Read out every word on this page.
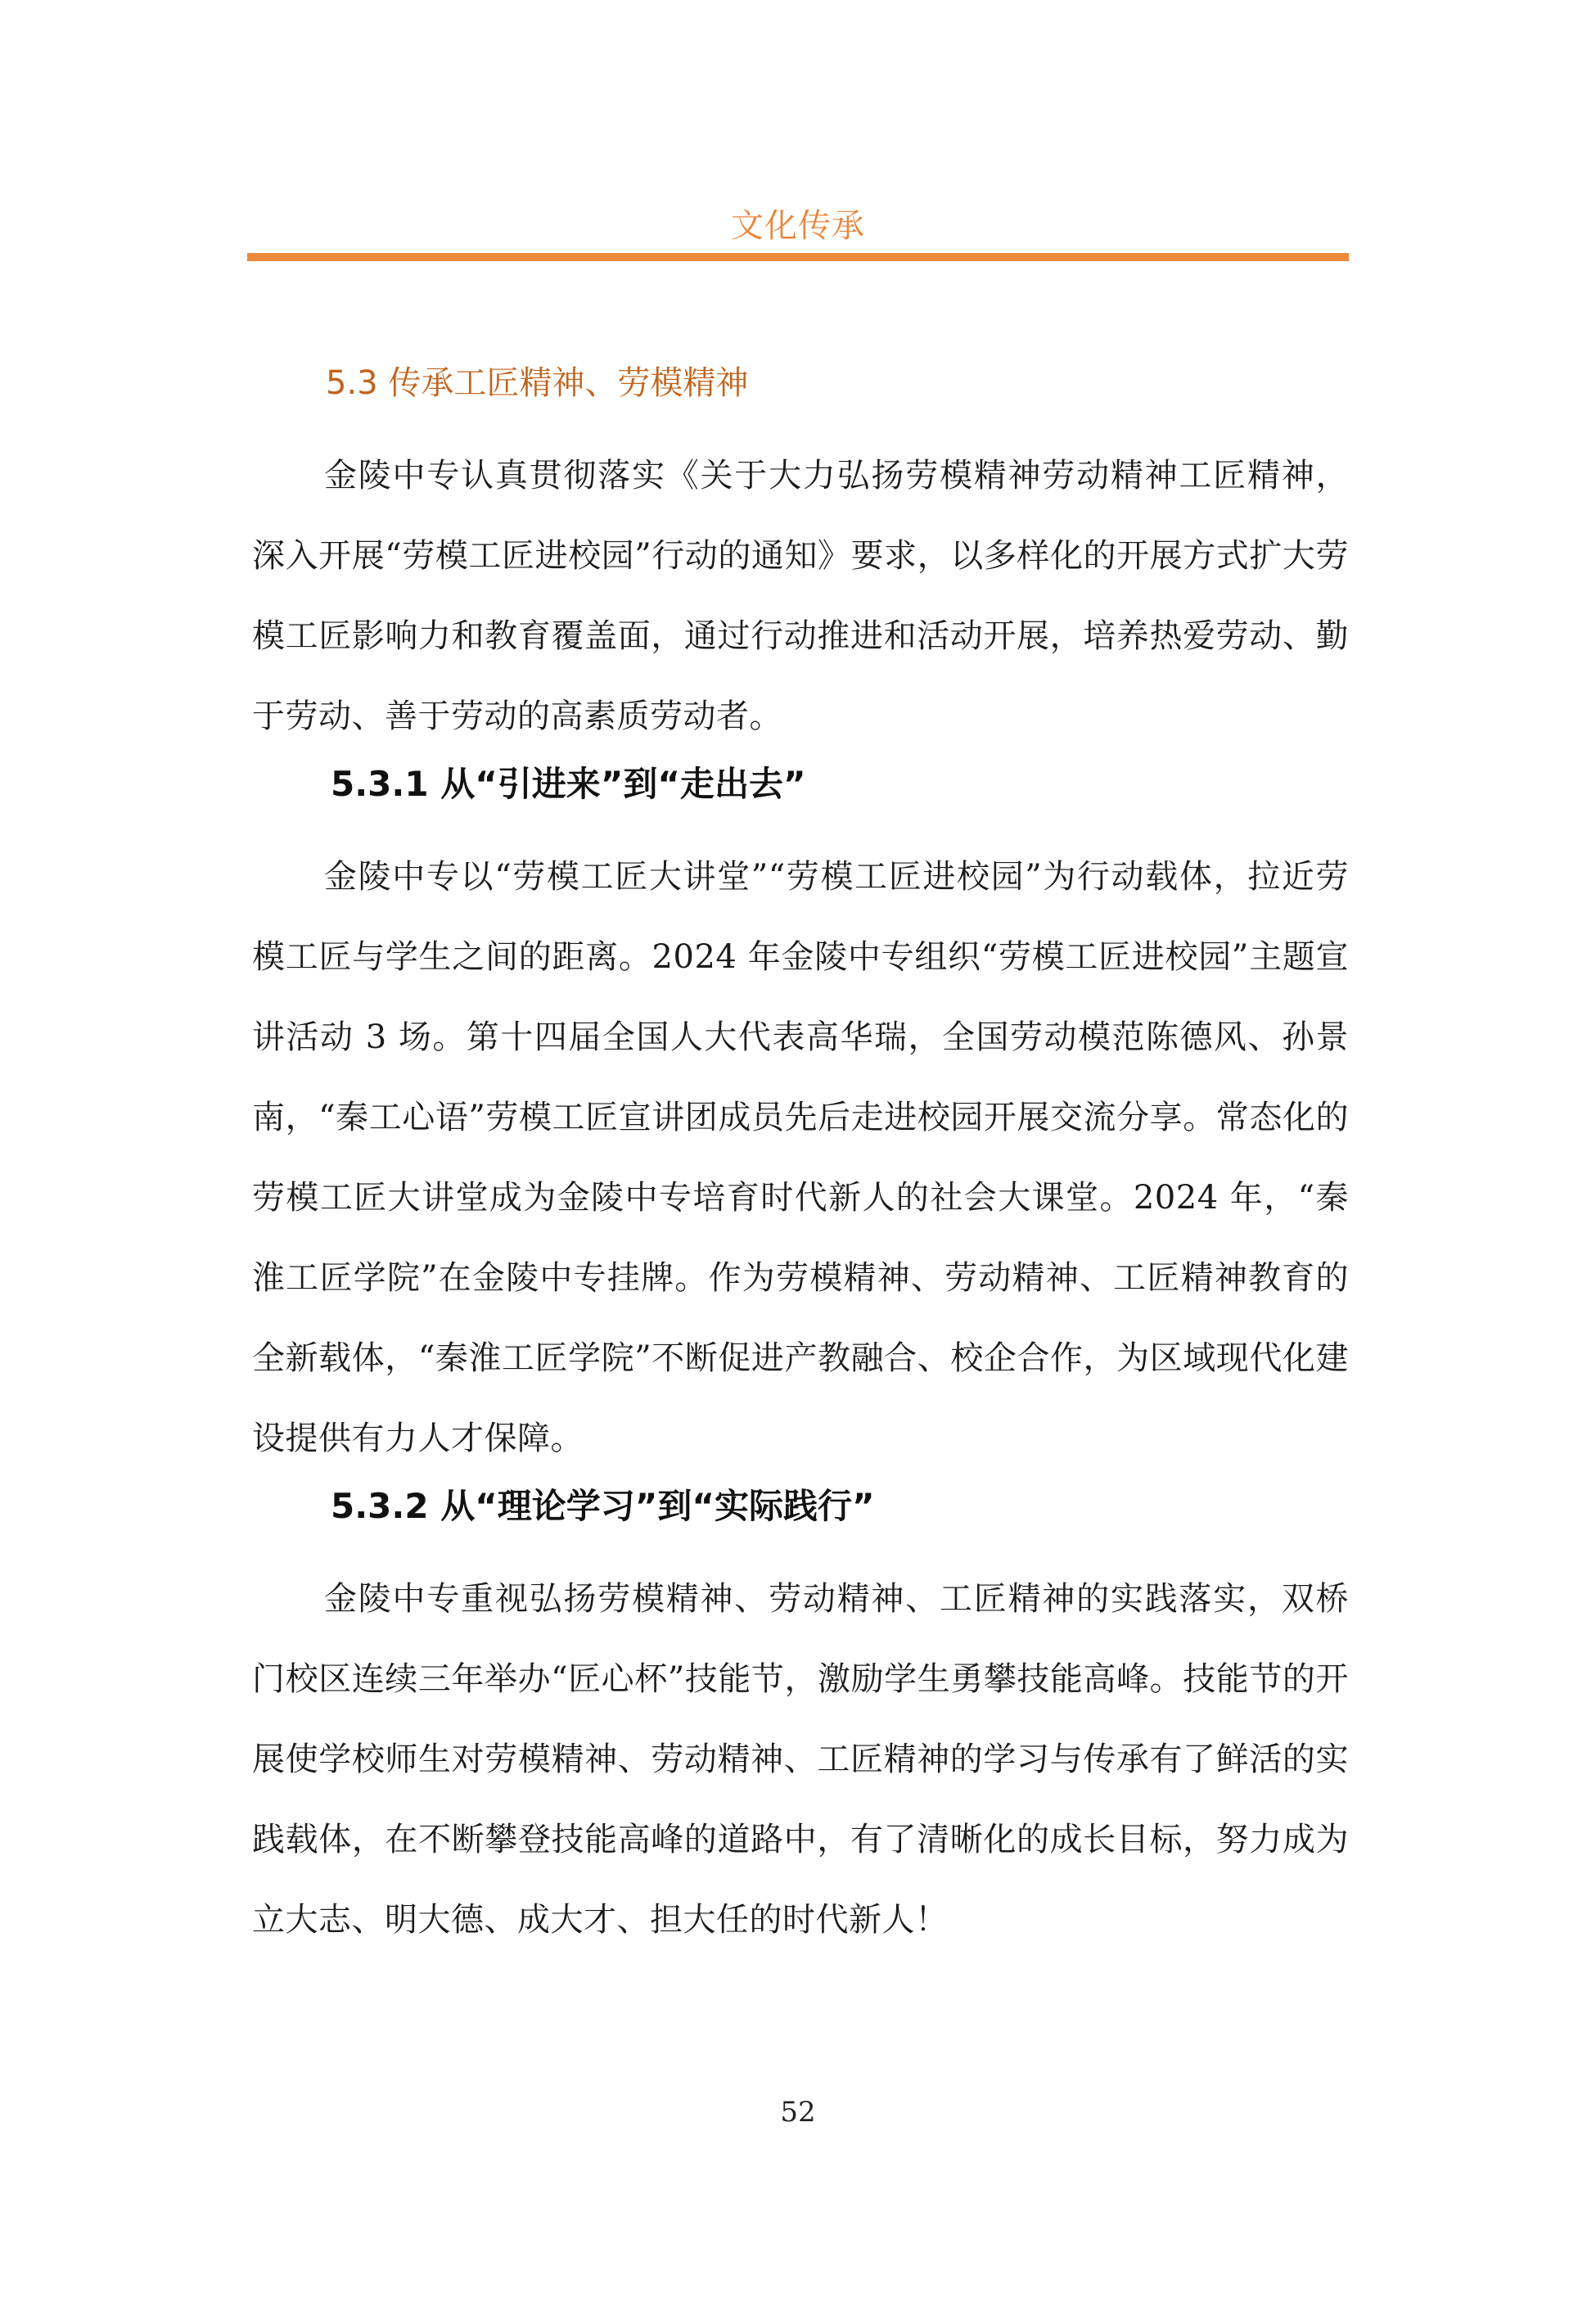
文化传承
5.3 传承工匠精神、劳模精神

金陵中专认真贯彻落实《关于大力弘扬劳模精神劳动精神工匠精神，深入开展“劳模工匠进校园”行动的通知》要求，以多样化的开展方式扩大劳模工匠影响力和教育覆盖面，通过行动推进和活动开展，培养热爱劳动、勤于劳动、善于劳动的高素质劳动者。

5.3.1 从“引进来”到“走出去”

金陵中专以“劳模工匠大讲堂”“劳模工匠进校园”为行动载体，拉近劳模工匠与学生之间的距离。2024 年金陵中专组织“劳模工匠进校园”主题宣讲活动 3 场。第十四届全国人大代表高华瑞，全国劳动模范陈德风、孙景南，“秦工心语”劳模工匠宣讲团成员先后走进校园开展交流分享。常态化的劳模工匠大讲堂成为金陵中专培育时代新人的社会大课堂。2024 年，“秦淮工匠学院”在金陵中专挂牌。作为劳模精神、劳动精神、工匠精神教育的全新载体，“秦淮工匠学院”不断促进产教融合、校企合作，为区域现代化建设提供有力人才保障。

5.3.2 从“理论学习”到“实际践行”

金陵中专重视弘扬劳模精神、劳动精神、工匠精神的实践落实，双桥门校区连续三年举办“匠心杯”技能节，激励学生勇攀技能高峰。技能节的开展使学校师生对劳模精神、劳动精神、工匠精神的学习与传承有了鲜活的实践载体，在不断攀登技能高峰的道路中，有了清晰化的成长目标，努力成为立大志、明大德、成大才、担大任的时代新人！

52
